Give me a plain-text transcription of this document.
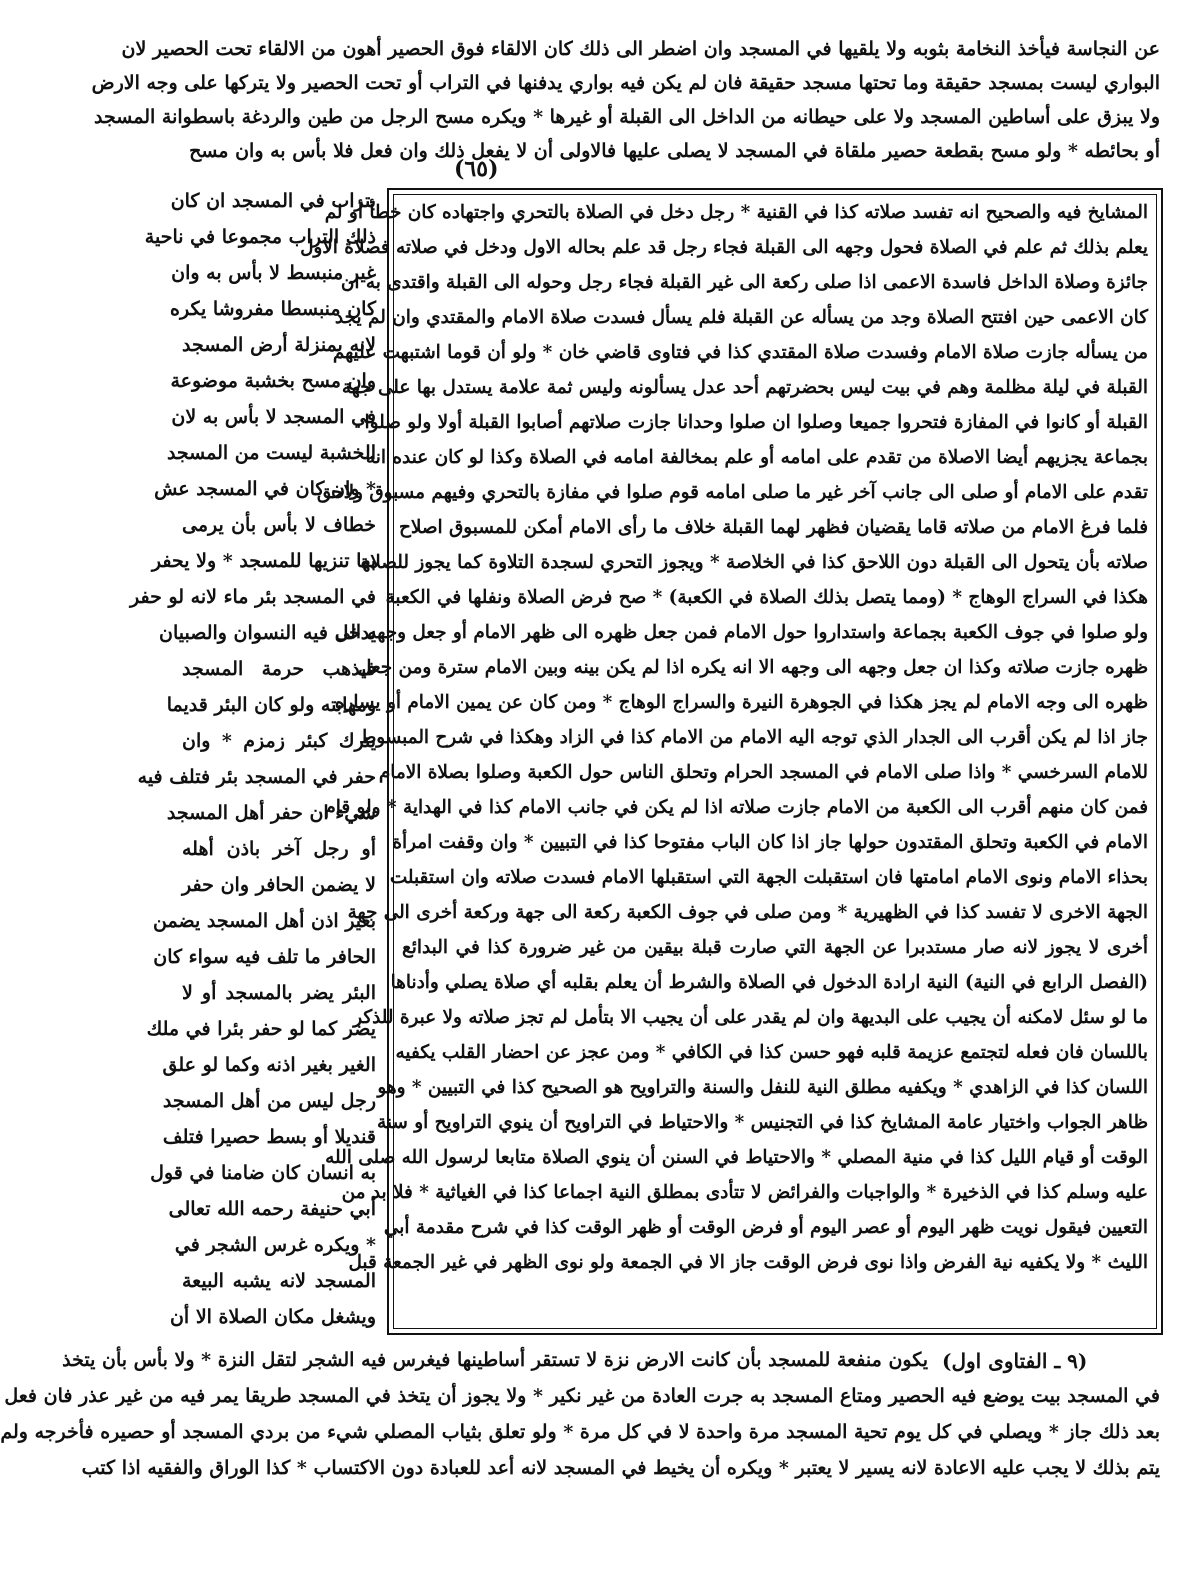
عن النجاسة فيأخذ النخامة بثوبه ولا يلقيها في المسجد وان اضطر الى ذلك كان الالقاء فوق الحصير أهون من الالقاء تحت الحصير لان
البواري ليست بمسجد حقيقة وما تحتها مسجد حقيقة فان لم يكن فيه بواري يدفنها في التراب أو تحت الحصير ولا يتركها على وجه الارض
ولا يبزق على أساطين المسجد ولا على حيطانه من الداخل الى القبلة أو غيرها * ويكره مسح الرجل من طين والردغة باسطوانة المسجد
أو بحائطه * ولو مسح بقطعة حصير ملقاة في المسجد لا يصلى عليها فالاولى أن لا يفعل ذلك وان فعل فلا بأس به وان مسح
(٦٥)
المشايخ فيه والصحيح انه تفسد صلاته كذا في القنية * رجل دخل في الصلاة بالتحري واجتهاده كان خطأ أو لم
يعلم بذلك ثم علم في الصلاة فحول وجهه الى القبلة فجاء رجل قد علم بحاله الاول ودخل في صلاته فصلاة الاول
جائزة وصلاة الداخل فاسدة الاعمى اذا صلى ركعة الى غير القبلة فجاء رجل وحوله الى القبلة واقتدى به ان
كان الاعمى حين افتتح الصلاة وجد من يسأله عن القبلة فلم يسأل فسدت صلاة الامام والمقتدي وان لم يجد
من يسأله جازت صلاة الامام وفسدت صلاة المقتدي كذا في فتاوى قاضي خان * ولو أن قوما اشتبهت عليهم
القبلة في ليلة مظلمة وهم في بيت ليس بحضرتهم أحد عدل يسألونه وليس ثمة علامة يستدل بها على جهة
القبلة أو كانوا في المفازة فتحروا جميعا وصلوا ان صلوا وحدانا جازت صلاتهم أصابوا القبلة أولا ولو صلوا
بجماعة يجزيهم أيضا الاصلاة من تقدم على امامه أو علم بمخالفة امامه في الصلاة وكذا لو كان عنده انه
تقدم على الامام أو صلى الى جانب آخر غير ما صلى امامه قوم صلوا في مفازة بالتحري وفيهم مسبوق ولاحق
فلما فرغ الامام من صلاته قاما يقضيان فظهر لهما القبلة خلاف ما رأى الامام أمكن للمسبوق اصلاح
صلاته بأن يتحول الى القبلة دون اللاحق كذا في الخلاصة * ويجوز التحري لسجدة التلاوة كما يجوز للصلاة
هكذا في السراج الوهاج * (ومما يتصل بذلك الصلاة في الكعبة) * صح فرض الصلاة ونفلها في الكعبة
ولو صلوا في جوف الكعبة بجماعة واستداروا حول الامام فمن جعل ظهره الى ظهر الامام أو جعل وجهه الى
ظهره جازت صلاته وكذا ان جعل وجهه الى وجهه الا انه يكره اذا لم يكن بينه وبين الامام سترة ومن جعل
ظهره الى وجه الامام لم يجز هكذا في الجوهرة النيرة والسراج الوهاج * ومن كان عن يمين الامام أو يساره
جاز اذا لم يكن أقرب الى الجدار الذي توجه اليه الامام من الامام كذا في الزاد وهكذا في شرح المبسوط
للامام السرخسي * واذا صلى الامام في المسجد الحرام وتحلق الناس حول الكعبة وصلوا بصلاة الامام
فمن كان منهم أقرب الى الكعبة من الامام جازت صلاته اذا لم يكن في جانب الامام كذا في الهداية * ولو قام
الامام في الكعبة وتحلق المقتدون حولها جاز اذا كان الباب مفتوحا كذا في التبيين * وان وقفت امرأة
بحذاء الامام ونوى الامام امامتها فان استقبلت الجهة التي استقبلها الامام فسدت صلاته وان استقبلت
الجهة الاخرى لا تفسد كذا في الظهيرية * ومن صلى في جوف الكعبة ركعة الى جهة وركعة أخرى الى جهة
أخرى لا يجوز لانه صار مستدبرا عن الجهة التي صارت قبلة بيقين من غير ضرورة كذا في البدائع
(الفصل الرابع في النية) النية ارادة الدخول في الصلاة والشرط أن يعلم بقلبه أي صلاة يصلي وأدناها
ما لو سئل لامكنه أن يجيب على البديهة وان لم يقدر على أن يجيب الا بتأمل لم تجز صلاته ولا عبرة للذكر
باللسان فان فعله لتجتمع عزيمة قلبه فهو حسن كذا في الكافي * ومن عجز عن احضار القلب يكفيه
اللسان كذا في الزاهدي * ويكفيه مطلق النية للنفل والسنة والتراويح هو الصحيح كذا في التبيين * وهو
ظاهر الجواب واختيار عامة المشايخ كذا في التجنيس * والاحتياط في التراويح أن ينوي التراويح أو سنة
الوقت أو قيام الليل كذا في منية المصلي * والاحتياط في السنن أن ينوي الصلاة متابعا لرسول الله صلى الله
عليه وسلم كذا في الذخيرة * والواجبات والفرائض لا تتأدى بمطلق النية اجماعا كذا في الغياثية * فلا بد من
التعيين فيقول نويت ظهر اليوم أو عصر اليوم أو فرض الوقت أو ظهر الوقت كذا في شرح مقدمة أبي
الليث * ولا يكفيه نية الفرض واذا نوى فرض الوقت جاز الا في الجمعة ولو نوى الظهر في غير الجمعة قبل
بتراب في المسجد ان كان
ذلك التراب مجموعا في ناحية
غير منبسط لا بأس به وان
كان منبسطا مفروشا يكره
لانه بمنزلة أرض المسجد
وان مسح بخشبة موضوعة
في المسجد لا بأس به لان
الخشبة ليست من المسجد
* وان كان في المسجد عش
خطاف لا بأس بأن يرمى
بها تنزيها للمسجد * ولا يحفر
في المسجد بئر ماء لانه لو حفر
يدخل فيه النسوان والصبيان
فيذهب حرمة المسجد
ومهابته ولو كان البئر قديما
يترك كبئر زمزم * وان
حفر في المسجد بئر فتلف فيه
شيء ان حفر أهل المسجد
أو رجل آخر باذن أهله
لا يضمن الحافر وان حفر
بغير اذن أهل المسجد يضمن
الحافر ما تلف فيه سواء كان
البئر يضر بالمسجد أو لا
يضر كما لو حفر بئرا في ملك
الغير بغير اذنه وكما لو علق
رجل ليس من أهل المسجد
قنديلا أو بسط حصيرا فتلف
به انسان كان ضامنا في قول
أبي حنيفة رحمه الله تعالى
* ويكره غرس الشجر في
المسجد لانه يشبه البيعة
ويشغل مكان الصلاة الا أن
(٩ ـ الفتاوى اول)
يكون منفعة للمسجد بأن كانت الارض نزة لا تستقر أساطينها فيغرس فيه الشجر لتقل النزة * ولا بأس بأن يتخذ
في المسجد بيت يوضع فيه الحصير ومتاع المسجد به جرت العادة من غير نكير * ولا يجوز أن يتخذ في المسجد طريقا يمر فيه من غير عذر فان فعل
بعد ذلك جاز * ويصلي في كل يوم تحية المسجد مرة واحدة لا في كل مرة * ولو تعلق بثياب المصلي شيء من بردي المسجد أو حصيره فأخرجه ولم
يتم بذلك لا يجب عليه الاعادة لانه يسير لا يعتبر * ويكره أن يخيط في المسجد لانه أعد للعبادة دون الاكتساب * كذا الوراق والفقيه اذا كتب
